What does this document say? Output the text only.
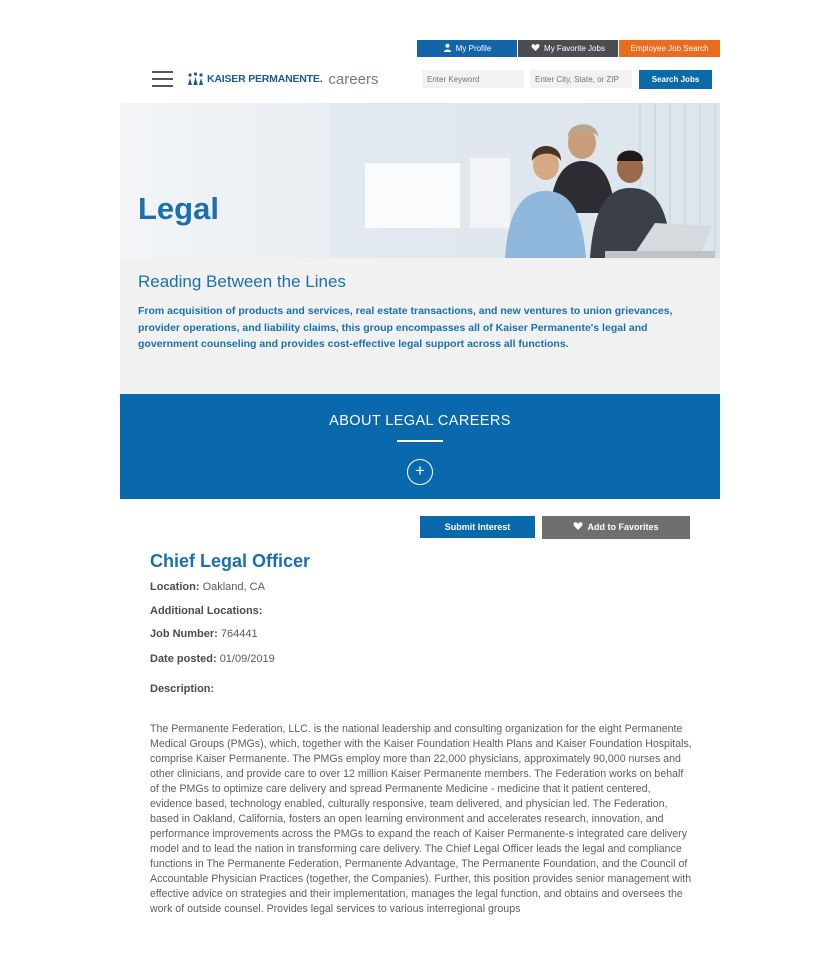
My Profile	My Favorite Jobs	Employee Job Search
KAISER PERMANENTE. careers
Enter Keyword
Enter City, State, or ZIP	Search Jobs
Legal
Reading Between the Lines
From acquisition of products and services, real estate transactions, and new ventures to union grievances, provider operations, and liability claims, this group encompasses all of Kaiser Permanente's legal and government counseling and provides cost-effective legal support across all functions.
ABOUT LEGAL CAREERS
+
Submit Interest	Add to Favorites
Chief Legal Officer
Location: Oakland, CA
Additional Locations:
Job Number: 764441
Date posted: 01/09/2019
Description:
The Permanente Federation, LLC. is the national leadership and consulting organization for the eight Permanente Medical Groups (PMGs), which, together with the Kaiser Foundation Health Plans and Kaiser Foundation Hospitals, comprise Kaiser Permanente. The PMGs employ more than 22,000 physicians, approximately 90,000 nurses and other clinicians, and provide care to over 12 million Kaiser Permanente members. The Federation works on behalf of the PMGs to optimize care delivery and spread Permanente Medicine - medicine that it patient centered, evidence based, technology enabled, culturally responsive, team delivered, and physician led. The Federation, based in Oakland, California, fosters an open learning environment and accelerates research, innovation, and performance improvements across the PMGs to expand the reach of Kaiser Permanente-s integrated care delivery model and to lead the nation in transforming care delivery. The Chief Legal Officer leads the legal and compliance functions in The Permanente Federation, Permanente Advantage, The Permanente Foundation, and the Council of Accountable Physician Practices (together, the Companies). Further, this position provides senior management with effective advice on strategies and their implementation, manages the legal function, and obtains and oversees the work of outside counsel. Provides legal services to various interregional groups
